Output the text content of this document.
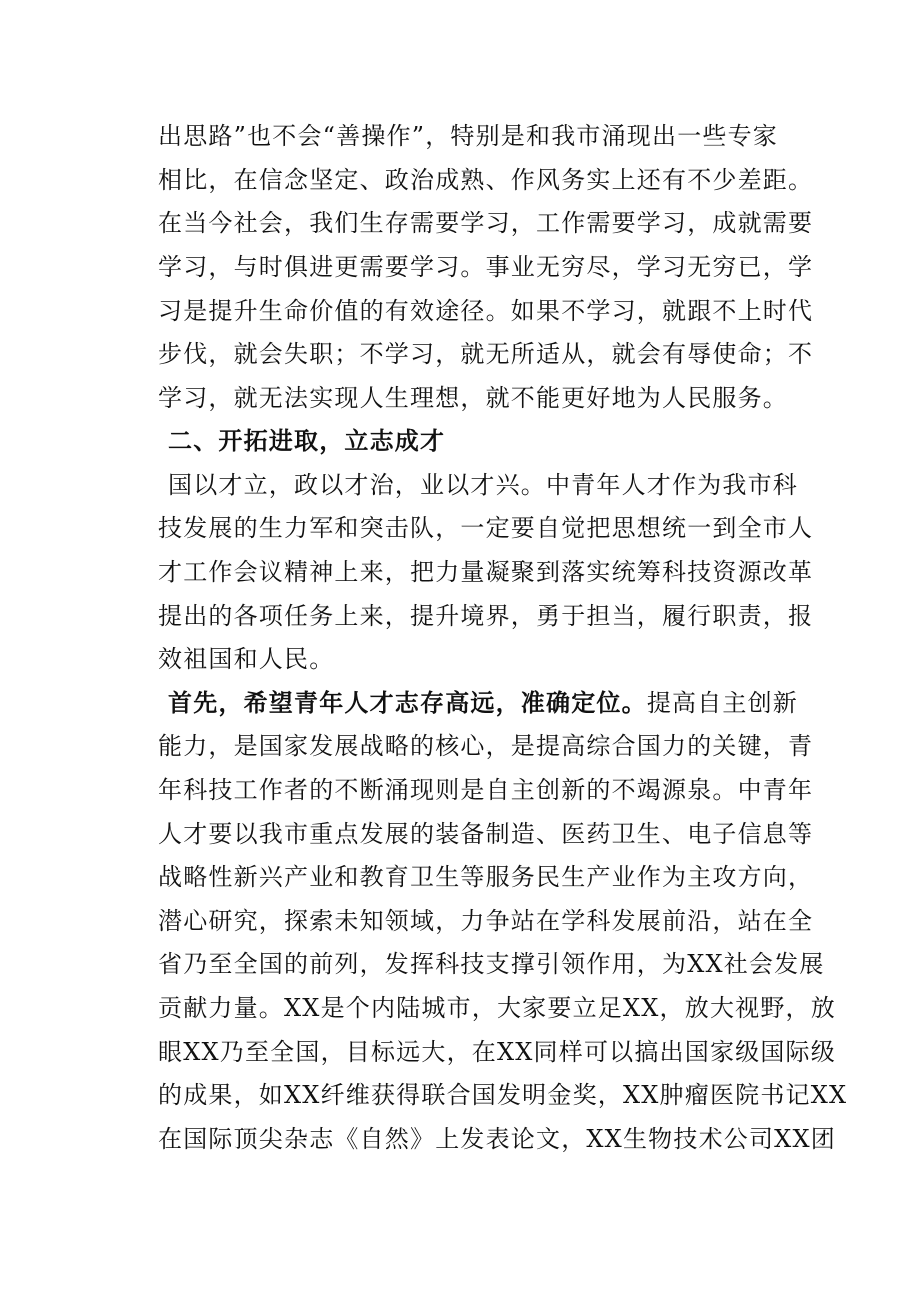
出思路”也不会“善操作”，特别是和我市涌现出一些专家
相比，在信念坚定、政治成熟、作风务实上还有不少差距。
在当今社会，我们生存需要学习，工作需要学习，成就需要
学习，与时俱进更需要学习。事业无穷尽，学习无穷已，学
习是提升生命价值的有效途径。如果不学习，就跟不上时代
步伐，就会失职；不学习，就无所适从，就会有辱使命；不
学习，就无法实现人生理想，就不能更好地为人民服务。
二、开拓进取，立志成才
国以才立，政以才治，业以才兴。中青年人才作为我市科
技发展的生力军和突击队，一定要自觉把思想统一到全市人
才工作会议精神上来，把力量凝聚到落实统筹科技资源改革
提出的各项任务上来，提升境界，勇于担当，履行职责，报
效祖国和人民。
首先，希望青年人才志存高远，准确定位。提高自主创新
能力，是国家发展战略的核心，是提高综合国力的关键，青
年科技工作者的不断涌现则是自主创新的不竭源泉。中青年
人才要以我市重点发展的装备制造、医药卫生、电子信息等
战略性新兴产业和教育卫生等服务民生产业作为主攻方向，
潜心研究，探索未知领域，力争站在学科发展前沿，站在全
省乃至全国的前列，发挥科技支撑引领作用，为XX社会发展
贡献力量。XX是个内陆城市，大家要立足XX，放大视野，放
眼XX乃至全国，目标远大，在XX同样可以搞出国家级国际级
的成果，如XX纤维获得联合国发明金奖，XX肿瘤医院书记XX
在国际顶尖杂志《自然》上发表论文，XX生物技术公司XX团
